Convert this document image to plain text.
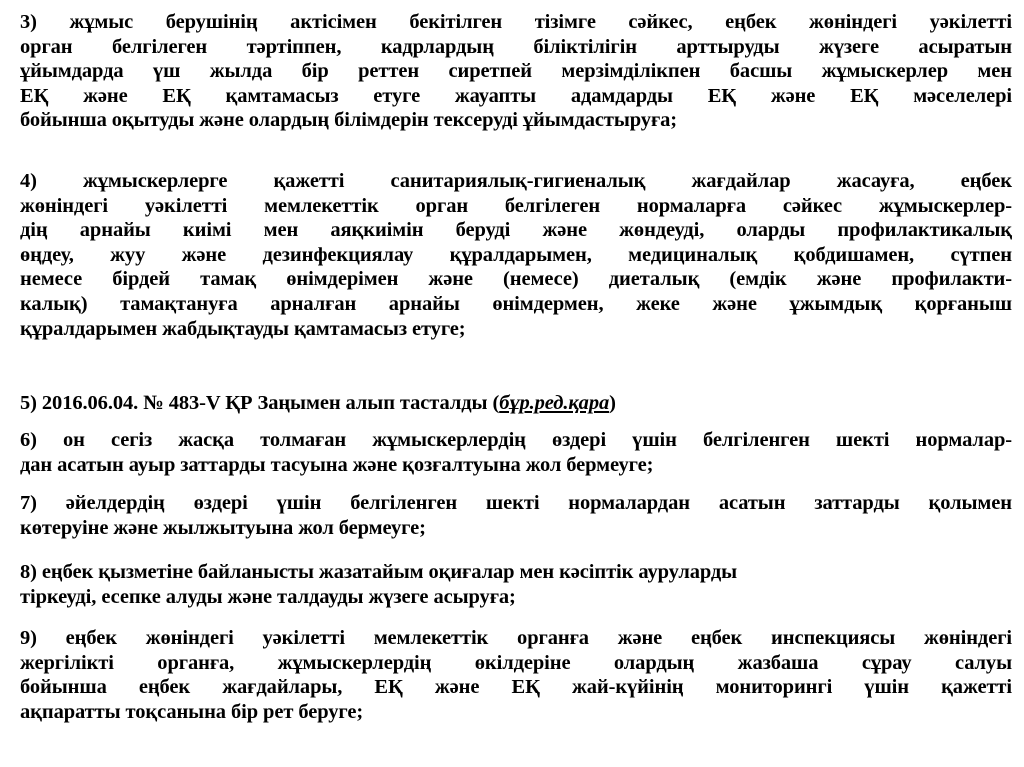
3) жұмыс берушінің актісімен бекітілген тізімге сәйкес, еңбек жөніндегі уәкілетті
орган белгілеген тәртіппен, кадрлардың біліктілігін арттыруды жүзеге асыратын
ұйымдарда үш жылда бір реттен сиретпей мерзімділікпен басшы жұмыскерлер мен
ЕҚ және ЕҚ қамтамасыз етуге жауапты адамдарды ЕҚ және ЕҚ мәселелері
бойынша оқытуды және олардың білімдерін тексеруді ұйымдастыруға;
4) жұмыскерлерге қажетті санитариялық-гигиеналық жағдайлар жасауға, еңбек
жөніндегі уәкілетті мемлекеттік орган белгілеген нормаларға сәйкес жұмыскерлер-
дің арнайы киімі мен аяқкиімін беруді және жөндеуді, оларды профилактикалық
өңдеу, жуу және дезинфекциялау құралдарымен, медициналық қобдишамен, сүтпен
немесе бірдей тамақ өнімдерімен және (немесе) диеталық (емдік және профилакти-
калық) тамақтануға арналған арнайы өнімдермен, жеке және ұжымдық қорғаныш
құралдарымен жабдықтауды қамтамасыз етуге;
5) 2016.06.04. № 483-V ҚР Заңымен алып тасталды (бұр.ред.қара)
6) он сегіз жасқа толмаған жұмыскерлердің өздері үшін белгіленген шекті нормалар-
дан асатын ауыр заттарды тасуына және қозғалтуына жол бермеуге;
7) әйелдердің өздері үшін белгіленген шекті нормалардан асатын заттарды қолымен
көтеруіне және жылжытуына жол бермеуге;
8) еңбек қызметіне байланысты жазатайым оқиғалар мен кәсіптік ауруларды
тіркеуді, есепке алуды және талдауды жүзеге асыруға;
9) еңбек жөніндегі уәкілетті мемлекеттік органға және еңбек инспекциясы жөніндегі
жергілікті органға, жұмыскерлердің өкілдеріне олардың жазбаша сұрау салуы
бойынша еңбек жағдайлары, ЕҚ және ЕҚ жай-күйінің мониторингі үшін қажетті
ақпаратты тоқсанына бір рет беруге;
